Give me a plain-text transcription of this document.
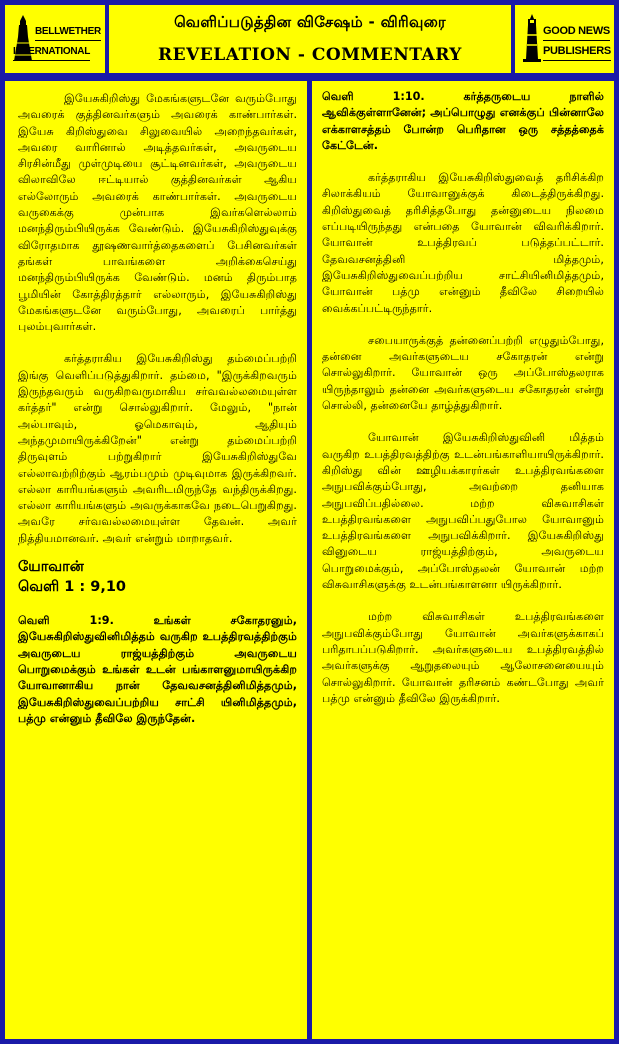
BELLWETHER
INTERNATIONAL
வெளிப்படுத்தின விசேஷம் - விரிவுரை
REVELATION - COMMENTARY
GOOD NEWS
PUBLISHERS

இயேசுகிறிஸ்து மேகங்களுடனே வரும்போது அவரைக் குத்தினவர்களும் அவரைக் காண்பார்கள். இயேசு கிறிஸ்துவை சிலுவையில் அறைந்தவர்கள், அவரை வாரினால் அடித்தவர்கள், அவருடைய சிரசின்மீது முள்முடியை சூட்டினவர்கள், அவருடைய விலாவிலே ஈட்டியால் குத்தினவர்கள் ஆகிய எல்லோரும் அவரைக் காண்பார்கள். அவருடைய வருகைக்கு முன்பாக இவர்களெல்லாம் மனந்திரும்பியிருக்க வேண்டும். இயேசுகிறிஸ்துவுக்கு விரோதமாக தூஷணவார்த்தைகளைப் பேசினவர்கள் தங்கள் பாவங்களை அறிக்கைசெய்து மனந்திரும்பியிருக்க வேண்டும். மனம் திரும்பாத பூமியின் கோத்திரத்தார் எல்லாரும், இயேசுகிறிஸ்து மேகங்களுடனே வரும்போது, அவரைப் பார்த்து புலம்புவார்கள்.

கர்த்தராகிய இயேசுகிறிஸ்து தம்மைப்பற்றி இங்கு வெளிப்படுத்துகிறார். தம்மை, "இருக்கிறவரும் இருந்தவரும் வருகிறவருமாகிய சர்வவல்லமையுள்ள கர்த்தர்" என்று சொல்லுகிறார். மேலும், "நான் அல்பாவும், ஓமெகாவும், ஆதியும் அந்தமுமாயிருக்கிறேன்" என்று தம்மைப்பற்றி திருவுளம் பற்றுகிறார் இயேசுகிறிஸ்துவே எல்லாவற்றிற்கும் ஆரம்பமும் முடிவுமாக இருக்கிறவர். எல்லா காரியங்களும் அவரிடமிருந்தே வந்திருக்கிறது. எல்லா காரியங்களும் அவருக்காகவே நடைபெறுகிறது. அவரே சர்வவல்லமையுள்ள தேவன். அவர் நித்தியமானவர். அவர் என்றும் மாறாதவர்.

யோவான்
வெளி 1 : 9,10

வெளி 1:9. உங்கள் சகோதரனும், இயேசுகிறிஸ்துவினிமித்தம் வருகிற உபத்திரவத்திற்கும் அவருடைய ராஜ்யத்திற்கும் அவருடைய பொறுமைக்கும் உங்கள் உடன் பங்காளனுமாயிருக்கிற யோவானாகிய நான் தேவவசனத்தினிமித்தமும், இயேசுகிறிஸ்துவைப்பற்றிய சாட்சி யினிமித்தமும், பத்மு என்னும் தீவிலே இருந்தேன்.

வெளி 1:10. கர்த்தருடைய நாளில் ஆவிக்குள்ளானேன்; அப்பொழுது எனக்குப் பின்னாலே எக்காளசத்தம் போன்ற பெரிதான ஒரு சத்தத்தைக் கேட்டேன்.

கர்த்தராகிய இயேசுகிறிஸ்துவைத் தரிசிக்கிற சிலாக்கியம் யோவானுக்குக் கிடைத்திருக்கிறது. கிறிஸ்துவைத் தரிசித்தபோது தன்னுடைய நிலமை எப்படியிருந்தது என்பதை யோவான் விவரிக்கிறார். யோவான் உபத்திரவப் படுத்தப்பட்டார். தேவவசனத்தினி மித்தமும், இயேசுகிறிஸ்துவைப்பற்றிய சாட்சியினிமித்தமும், யோவான் பத்மு என்னும் தீவிலே சிறையில் வைக்கப்பட்டிருந்தார்.

சபையாருக்குத் தன்னைப்பற்றி எழுதும்போது, தன்னை அவர்களுடைய சகோதரன் என்று சொல்லுகிறார். யோவான் ஒரு அப்போஸ்தலராக யிருந்தாலும் தன்னை அவர்களுடைய சகோதரன் என்று சொல்லி, தன்னையே தாழ்த்துகிறார்.

யோவான் இயேசுகிறிஸ்துவினி மித்தம் வருகிற உபத்திரவத்திற்கு உடன்பங்காளியாயிருக்கிறார். கிறிஸ்து வின் ஊழியக்காரர்கள் உபத்திரவங்களை அநுபவிக்கும்போது, அவற்றை தனியாக அநுபவிப்பதில்லை. மற்ற விசுவாசிகள் உபத்திரவங்களை அநுபவிப்பதுபோல யோவானும் உபத்திரவங்களை அநுபவிக்கிறார். இயேசுகிறிஸ்து வினுடைய ராஜ்யத்திற்கும், அவருடைய பொறுமைக்கும், அப்போஸ்தலன் யோவான் மற்ற விசுவாசிகளுக்கு உடன்பங்காளனா யிருக்கிறார்.

மற்ற விசுவாசிகள் உபத்திரவங்களை அநுபவிக்கும்போது யோவான் அவர்களுக்காகப் பரிதாபப்படுகிறார். அவர்களுடைய உபத்திரவத்தில் அவர்களுக்கு ஆறுதலையும் ஆலோசனையையும் சொல்லுகிறார். யோவான் தரிசனம் கண்டபோது அவர் பத்மு என்னும் தீவிலே இருக்கிறார்.
